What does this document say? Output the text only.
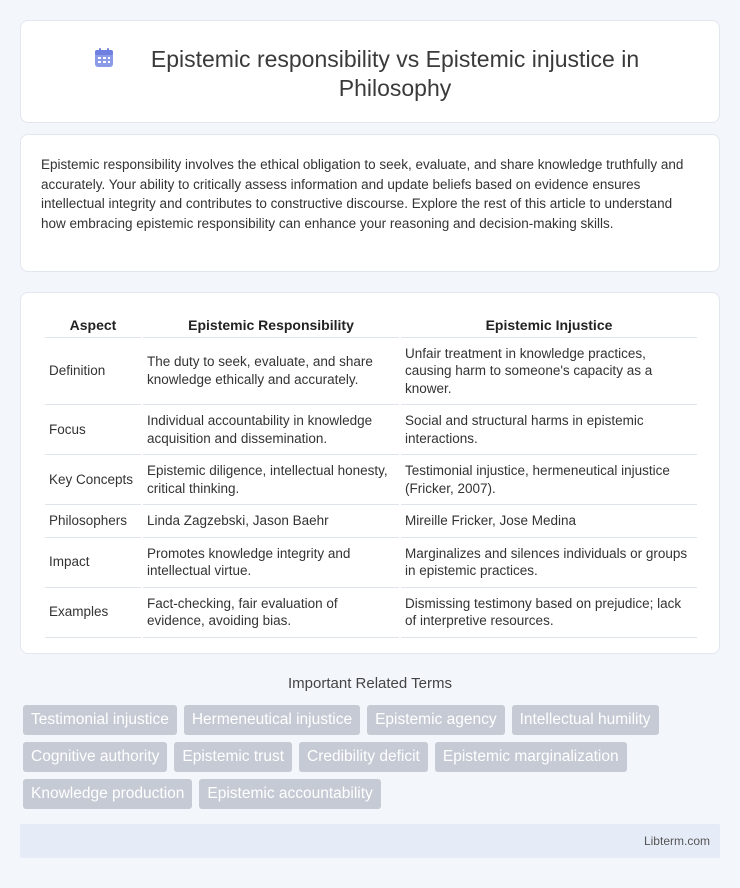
Epistemic responsibility vs Epistemic injustice in Philosophy

Epistemic responsibility involves the ethical obligation to seek, evaluate, and share knowledge truthfully and accurately. Your ability to critically assess information and update beliefs based on evidence ensures intellectual integrity and contributes to constructive discourse. Explore the rest of this article to understand how embracing epistemic responsibility can enhance your reasoning and decision-making skills.

Aspect	Epistemic Responsibility	Epistemic Injustice
Definition	The duty to seek, evaluate, and share knowledge ethically and accurately.	Unfair treatment in knowledge practices, causing harm to someone's capacity as a knower.
Focus	Individual accountability in knowledge acquisition and dissemination.	Social and structural harms in epistemic interactions.
Key Concepts	Epistemic diligence, intellectual honesty, critical thinking.	Testimonial injustice, hermeneutical injustice (Fricker, 2007).
Philosophers	Linda Zagzebski, Jason Baehr	Mireille Fricker, Jose Medina
Impact	Promotes knowledge integrity and intellectual virtue.	Marginalizes and silences individuals or groups in epistemic practices.
Examples	Fact-checking, fair evaluation of evidence, avoiding bias.	Dismissing testimony based on prejudice; lack of interpretive resources.
Important Related Terms
Testimonial injustice	Hermeneutical injustice	Epistemic agency	Intellectual humility
Cognitive authority	Epistemic trust	Credibility deficit	Epistemic marginalization
Knowledge production	Epistemic accountability
Libterm.com
